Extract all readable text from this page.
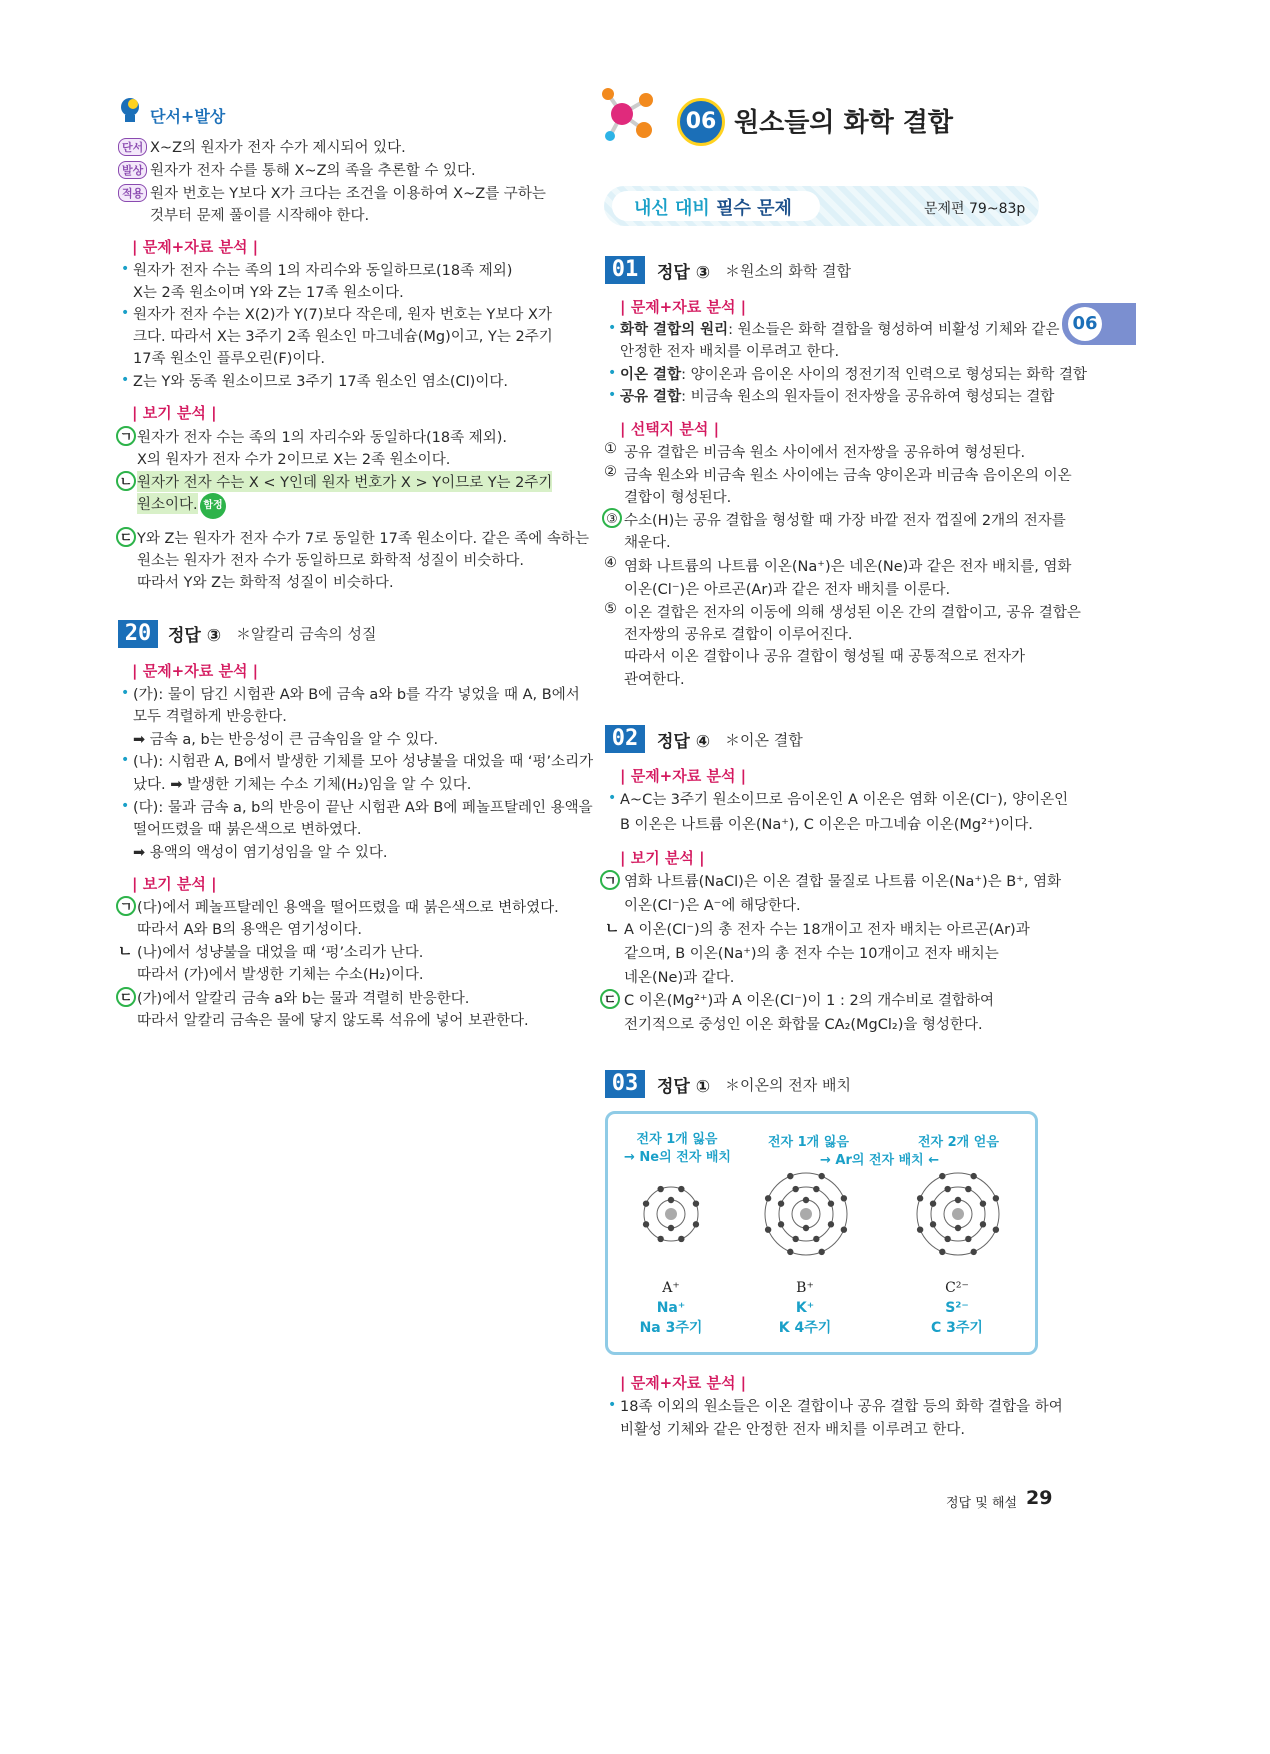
단서+발상
단서 X~Z의 원자가 전자 수가 제시되어 있다.
발상 원자가 전자 수를 통해 X~Z의 족을 추론할 수 있다.
적용 원자 번호는 Y보다 X가 크다는 조건을 이용하여 X~Z를 구하는
것부터 문제 풀이를 시작해야 한다.
| 문제+자료 분석 |
• 원자가 전자 수는 족의 1의 자리수와 동일하므로(18족 제외)
X는 2족 원소이며 Y와 Z는 17족 원소이다.
• 원자가 전자 수는 X(2)가 Y(7)보다 작은데, 원자 번호는 Y보다 X가
크다. 따라서 X는 3주기 2족 원소인 마그네슘(Mg)이고, Y는 2주기
17족 원소인 플루오린(F)이다.
• Z는 Y와 동족 원소이므로 3주기 17족 원소인 염소(Cl)이다.
| 보기 분석 |
ㄱ 원자가 전자 수는 족의 1의 자리수와 동일하다(18족 제외).
X의 원자가 전자 수가 2이므로 X는 2족 원소이다.
ㄴ 원자가 전자 수는 X < Y인데 원자 번호가 X > Y이므로 Y는 2주기
원소이다. 함정
ㄷ Y와 Z는 원자가 전자 수가 7로 동일한 17족 원소이다. 같은 족에 속하는
원소는 원자가 전자 수가 동일하므로 화학적 성질이 비슷하다.
따라서 Y와 Z는 화학적 성질이 비슷하다.
20 정답 ③ ＊알칼리 금속의 성질
| 문제+자료 분석 |
• (가): 물이 담긴 시험관 A와 B에 금속 a와 b를 각각 넣었을 때 A, B에서
모두 격렬하게 반응한다.
➡ 금속 a, b는 반응성이 큰 금속임을 알 수 있다.
• (나): 시험관 A, B에서 발생한 기체를 모아 성냥불을 대었을 때 ‘펑’소리가
났다. ➡ 발생한 기체는 수소 기체(H₂)임을 알 수 있다.
• (다): 물과 금속 a, b의 반응이 끝난 시험관 A와 B에 페놀프탈레인 용액을
떨어뜨렸을 때 붉은색으로 변하였다.
➡ 용액의 액성이 염기성임을 알 수 있다.
| 보기 분석 |
ㄱ (다)에서 페놀프탈레인 용액을 떨어뜨렸을 때 붉은색으로 변하였다.
따라서 A와 B의 용액은 염기성이다.
ㄴ (나)에서 성냥불을 대었을 때 ‘펑’소리가 난다.
따라서 (가)에서 발생한 기체는 수소(H₂)이다.
ㄷ (가)에서 알칼리 금속 a와 b는 물과 격렬히 반응한다.
따라서 알칼리 금속은 물에 닿지 않도록 석유에 넣어 보관한다.
06 원소들의 화학 결합
06
내신 대비 필수 문제	문제편 79~83p
01	정답 ③ ＊원소의 화학 결합
| 문제+자료 분석 |
• 화학 결합의 원리: 원소들은 화학 결합을 형성하여 비활성 기체와 같은
안정한 전자 배치를 이루려고 한다.
• 이온 결합: 양이온과 음이온 사이의 정전기적 인력으로 형성되는 화학 결합
• 공유 결합: 비금속 원소의 원자들이 전자쌍을 공유하여 형성되는 결합
| 선택지 분석 |
① 공유 결합은 비금속 원소 사이에서 전자쌍을 공유하여 형성된다.
② 금속 원소와 비금속 원소 사이에는 금속 양이온과 비금속 음이온의 이온
결합이 형성된다.
③ 수소(H)는 공유 결합을 형성할 때 가장 바깥 전자 껍질에 2개의 전자를
채운다.
④ 염화 나트륨의 나트륨 이온(Na⁺)은 네온(Ne)과 같은 전자 배치를, 염화
이온(Cl⁻)은 아르곤(Ar)과 같은 전자 배치를 이룬다.
⑤ 이온 결합은 전자의 이동에 의해 생성된 이온 간의 결합이고, 공유 결합은
전자쌍의 공유로 결합이 이루어진다.
따라서 이온 결합이나 공유 결합이 형성될 때 공통적으로 전자가
관여한다.
02	정답 ④ ＊이온 결합
| 문제+자료 분석 |
• A~C는 3주기 원소이므로 음이온인 A 이온은 염화 이온(Cl⁻), 양이온인
B 이온은 나트륨 이온(Na⁺), C 이온은 마그네슘 이온(Mg²⁺)이다.
| 보기 분석 |
ㄱ 염화 나트륨(NaCl)은 이온 결합 물질로 나트륨 이온(Na⁺)은 B⁺, 염화
이온(Cl⁻)은 A⁻에 해당한다.
ㄴ A 이온(Cl⁻)의 총 전자 수는 18개이고 전자 배치는 아르곤(Ar)과
같으며, B 이온(Na⁺)의 총 전자 수는 10개이고 전자 배치는
네온(Ne)과 같다.
ㄷ C 이온(Mg²⁺)과 A 이온(Cl⁻)이 1 : 2의 개수비로 결합하여
전기적으로 중성인 이온 화합물 CA₂(MgCl₂)을 형성한다.
03	정답 ① ＊이온의 전자 배치
전자 1개 잃음
→ Ne의 전자 배치
전자 1개 잃음
→ Ar의 전자 배치 ←
전자 2개 얻음
A⁺
Na⁺
Na 3주기
B⁺
K⁺
K 4주기
C²⁻
S²⁻
C 3주기
| 문제+자료 분석 |
• 18족 이외의 원소들은 이온 결합이나 공유 결합 등의 화학 결합을 하여
비활성 기체와 같은 안정한 전자 배치를 이루려고 한다.
정답 및 해설 29
